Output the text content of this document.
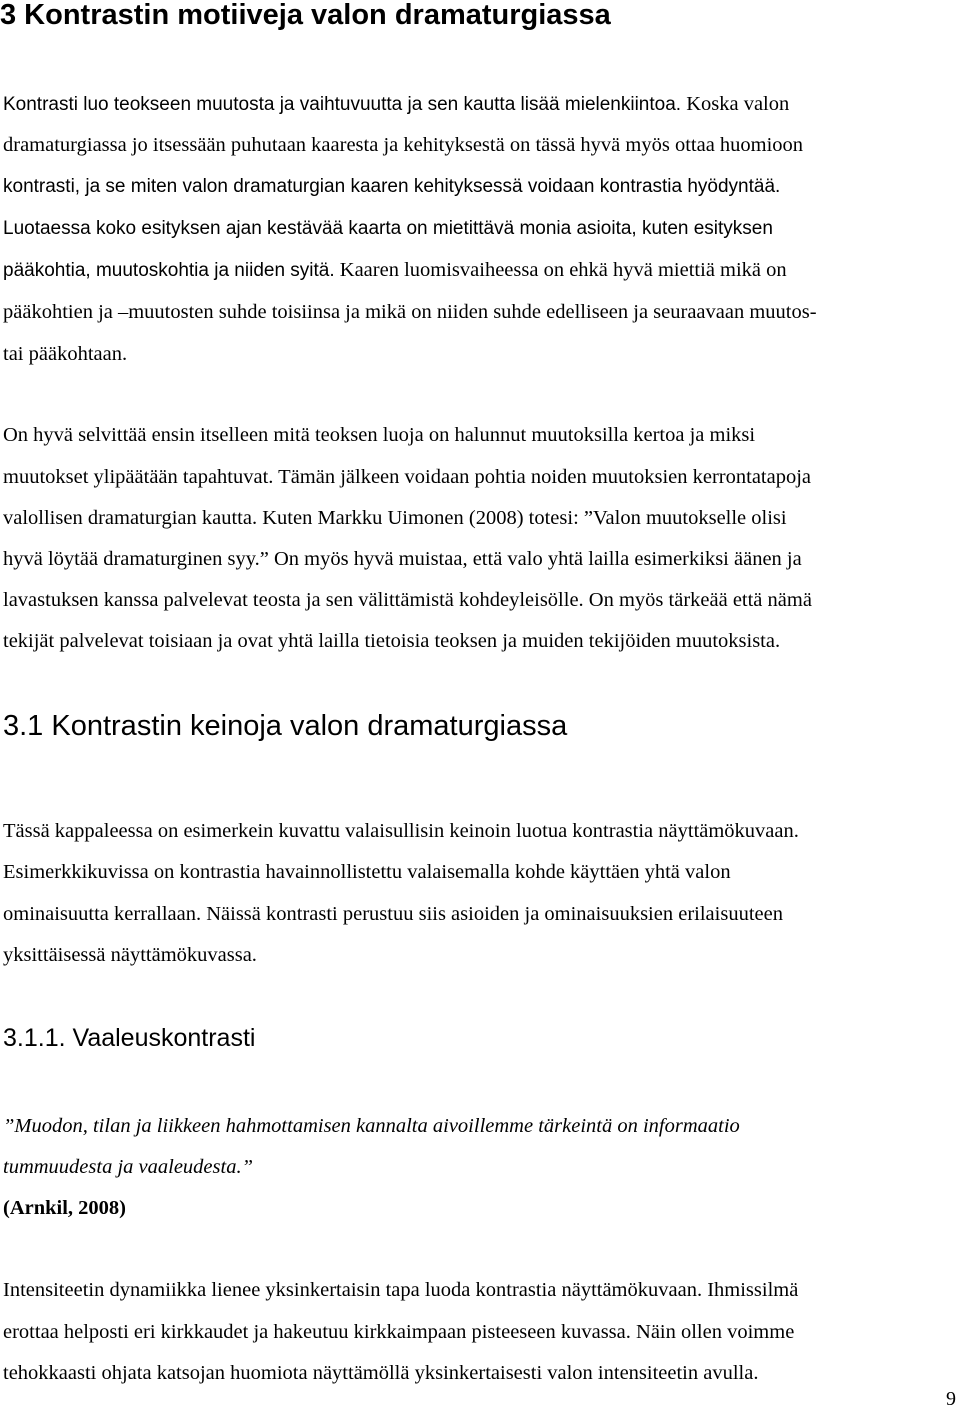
3 Kontrastin motiiveja valon dramaturgiassa

Kontrasti luo teokseen muutosta ja vaihtuvuutta ja sen kautta lisää mielenkiintoa. Koska valon

dramaturgiassa jo itsessään puhutaan kaaresta ja kehityksestä on tässä hyvä myös ottaa huomioon

kontrasti, ja se miten valon dramaturgian kaaren kehityksessä voidaan kontrastia hyödyntää.

Luotaessa koko esityksen ajan kestävää kaarta on mietittävä monia asioita, kuten esityksen

pääkohtia, muutoskohtia ja niiden syitä. Kaaren luomisvaiheessa on ehkä hyvä miettiä mikä on

pääkohtien ja –muutosten suhde toisiinsa ja mikä on niiden suhde edelliseen ja seuraavaan muutos-

tai pääkohtaan.

On hyvä selvittää ensin itselleen mitä teoksen luoja on halunnut muutoksilla kertoa ja miksi

muutokset ylipäätään tapahtuvat. Tämän jälkeen voidaan pohtia noiden muutoksien kerrontatapoja

valollisen dramaturgian kautta. Kuten Markku Uimonen (2008) totesi: ”Valon muutokselle olisi

hyvä löytää dramaturginen syy.” On myös hyvä muistaa, että valo yhtä lailla esimerkiksi äänen ja

lavastuksen kanssa palvelevat teosta ja sen välittämistä kohdeyleisölle. On myös tärkeää että nämä

tekijät palvelevat toisiaan ja ovat yhtä lailla tietoisia teoksen ja muiden tekijöiden muutoksista.

3.1 Kontrastin keinoja valon dramaturgiassa

Tässä kappaleessa on esimerkein kuvattu valaisullisin keinoin luotua kontrastia näyttämökuvaan.

Esimerkkikuvissa on kontrastia havainnollistettu valaisemalla kohde käyttäen yhtä valon

ominaisuutta kerrallaan. Näissä kontrasti perustuu siis asioiden ja ominaisuuksien erilaisuuteen

yksittäisessä näyttämökuvassa.

3.1.1. Vaaleuskontrasti

”Muodon, tilan ja liikkeen hahmottamisen kannalta aivoillemme tärkeintä on informaatio

tummuudesta ja vaaleudesta.”

(Arnkil, 2008)

Intensiteetin dynamiikka lienee yksinkertaisin tapa luoda kontrastia näyttämökuvaan. Ihmissilmä

erottaa helposti eri kirkkaudet ja hakeutuu kirkkaimpaan pisteeseen kuvassa. Näin ollen voimme

tehokkaasti ohjata katsojan huomiota näyttämöllä yksinkertaisesti valon intensiteetin avulla.

9
